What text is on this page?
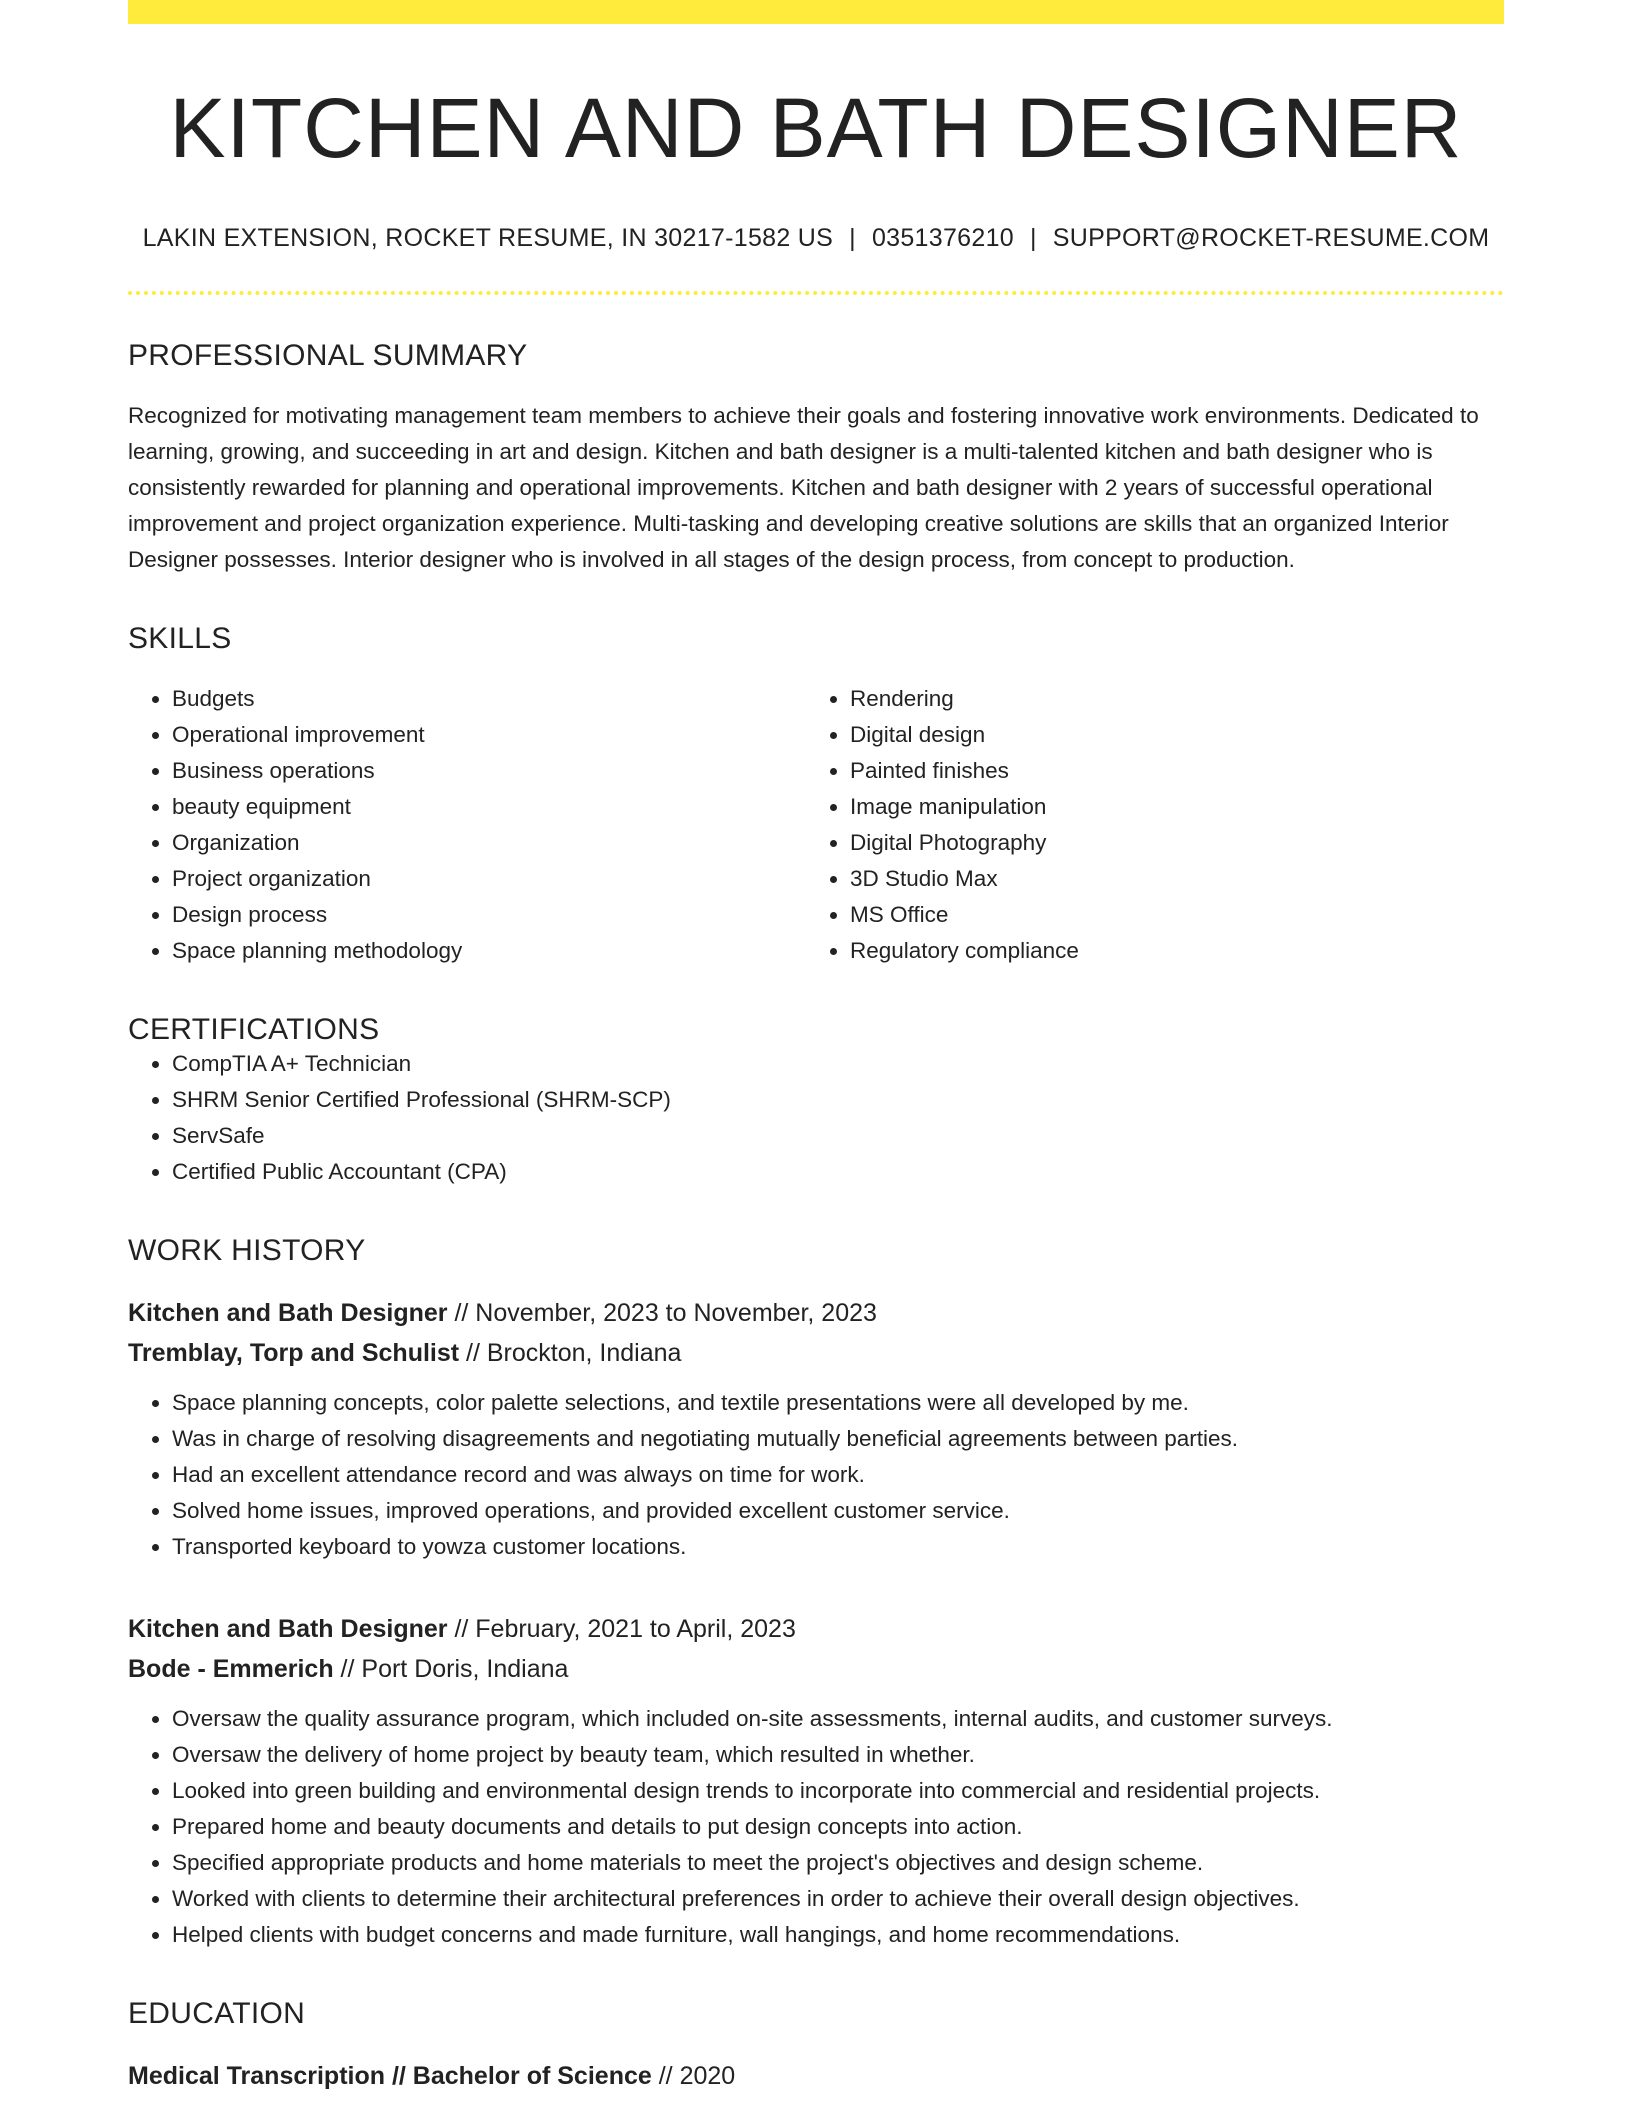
KITCHEN AND BATH DESIGNER
LAKIN EXTENSION, ROCKET RESUME, IN 30217-1582 US | 0351376210 | SUPPORT@ROCKET-RESUME.COM
PROFESSIONAL SUMMARY
Recognized for motivating management team members to achieve their goals and fostering innovative work environments. Dedicated to learning, growing, and succeeding in art and design. Kitchen and bath designer is a multi-talented kitchen and bath designer who is consistently rewarded for planning and operational improvements. Kitchen and bath designer with 2 years of successful operational improvement and project organization experience. Multi-tasking and developing creative solutions are skills that an organized Interior Designer possesses. Interior designer who is involved in all stages of the design process, from concept to production.
SKILLS
• Budgets
• Operational improvement
• Business operations
• beauty equipment
• Organization
• Project organization
• Design process
• Space planning methodology
• Rendering
• Digital design
• Painted finishes
• Image manipulation
• Digital Photography
• 3D Studio Max
• MS Office
• Regulatory compliance
CERTIFICATIONS
• CompTIA A+ Technician
• SHRM Senior Certified Professional (SHRM-SCP)
• ServSafe
• Certified Public Accountant (CPA)
WORK HISTORY
Kitchen and Bath Designer // November, 2023 to November, 2023
Tremblay, Torp and Schulist // Brockton, Indiana
• Space planning concepts, color palette selections, and textile presentations were all developed by me.
• Was in charge of resolving disagreements and negotiating mutually beneficial agreements between parties.
• Had an excellent attendance record and was always on time for work.
• Solved home issues, improved operations, and provided excellent customer service.
• Transported keyboard to yowza customer locations.
Kitchen and Bath Designer // February, 2021 to April, 2023
Bode - Emmerich // Port Doris, Indiana
• Oversaw the quality assurance program, which included on-site assessments, internal audits, and customer surveys.
• Oversaw the delivery of home project by beauty team, which resulted in whether.
• Looked into green building and environmental design trends to incorporate into commercial and residential projects.
• Prepared home and beauty documents and details to put design concepts into action.
• Specified appropriate products and home materials to meet the project's objectives and design scheme.
• Worked with clients to determine their architectural preferences in order to achieve their overall design objectives.
• Helped clients with budget concerns and made furniture, wall hangings, and home recommendations.
EDUCATION
Medical Transcription // Bachelor of Science // 2020
